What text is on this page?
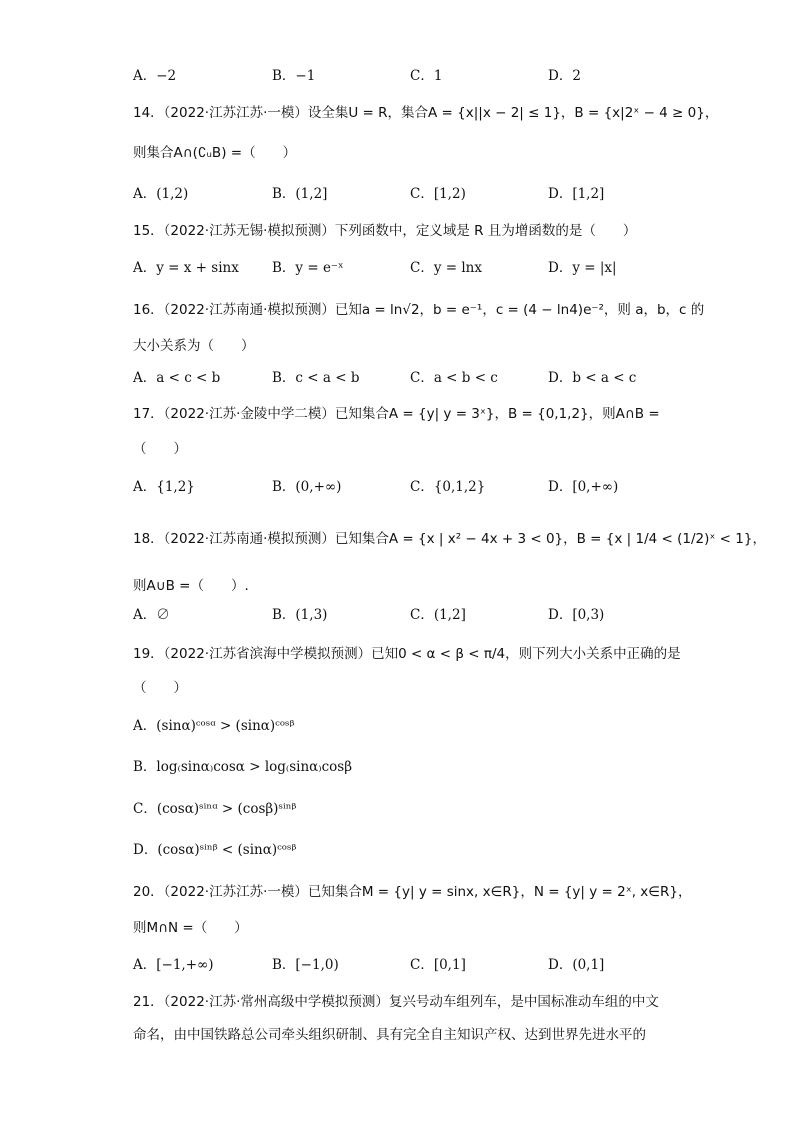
A．−2	B．−1	C．1	D．2
14．（2022·江苏江苏·一模）设全集U = R，集合A = {x||x − 2| ≤ 1}，B = {x|2ˣ − 4 ≥ 0}，
则集合A∩(∁ᵤB) =（　　）
A．(1,2)	B．(1,2]	C．[1,2)	D．[1,2]
15．（2022·江苏无锡·模拟预测）下列函数中，定义域是 R 且为增函数的是（　　）
A．y = x + sinx B．y = e⁻ˣ	C．y = lnx	D．y = |x|
16．（2022·江苏南通·模拟预测）已知a = ln√2，b = e⁻¹，c = (4 − ln4)e⁻²，则 a，b，c 的
大小关系为（　　）
A．a < c < b	B．c < a < b	C．a < b < c	D．b < a < c
17．（2022·江苏·金陵中学二模）已知集合A = {y| y = 3ˣ}，B = {0,1,2}，则A∩B =
（　　）
A．{1,2}	B．(0,+∞)	C．{0,1,2}	D．[0,+∞)
18．（2022·江苏南通·模拟预测）已知集合A = {x | x² − 4x + 3 < 0}，B = {x | 1/4 < (1/2)ˣ < 1}，
则A∪B =（　　）.
A．∅	B．(1,3)	C．(1,2]	D．[0,3)
19．（2022·江苏省滨海中学模拟预测）已知0 < α < β < π/4，则下列大小关系中正确的是
（　　）
A．(sinα)ᶜᵒˢᵅ > (sinα)ᶜᵒˢᵝ
B．log₍sinα₎cosα > log₍sinα₎cosβ
C．(cosα)ˢⁱⁿᵅ > (cosβ)ˢⁱⁿᵝ
D．(cosα)ˢⁱⁿᵝ < (sinα)ᶜᵒˢᵝ
20．（2022·江苏江苏·一模）已知集合M = {y| y = sinx, x∈R}，N = {y| y = 2ˣ, x∈R}，
则M∩N =（　　）
A．[−1,+∞)	B．[−1,0)	C．[0,1]	D．(0,1]
21．（2022·江苏·常州高级中学模拟预测）复兴号动车组列车，是中国标准动车组的中文
命名，由中国铁路总公司牵头组织研制、具有完全自主知识产权、达到世界先进水平的
